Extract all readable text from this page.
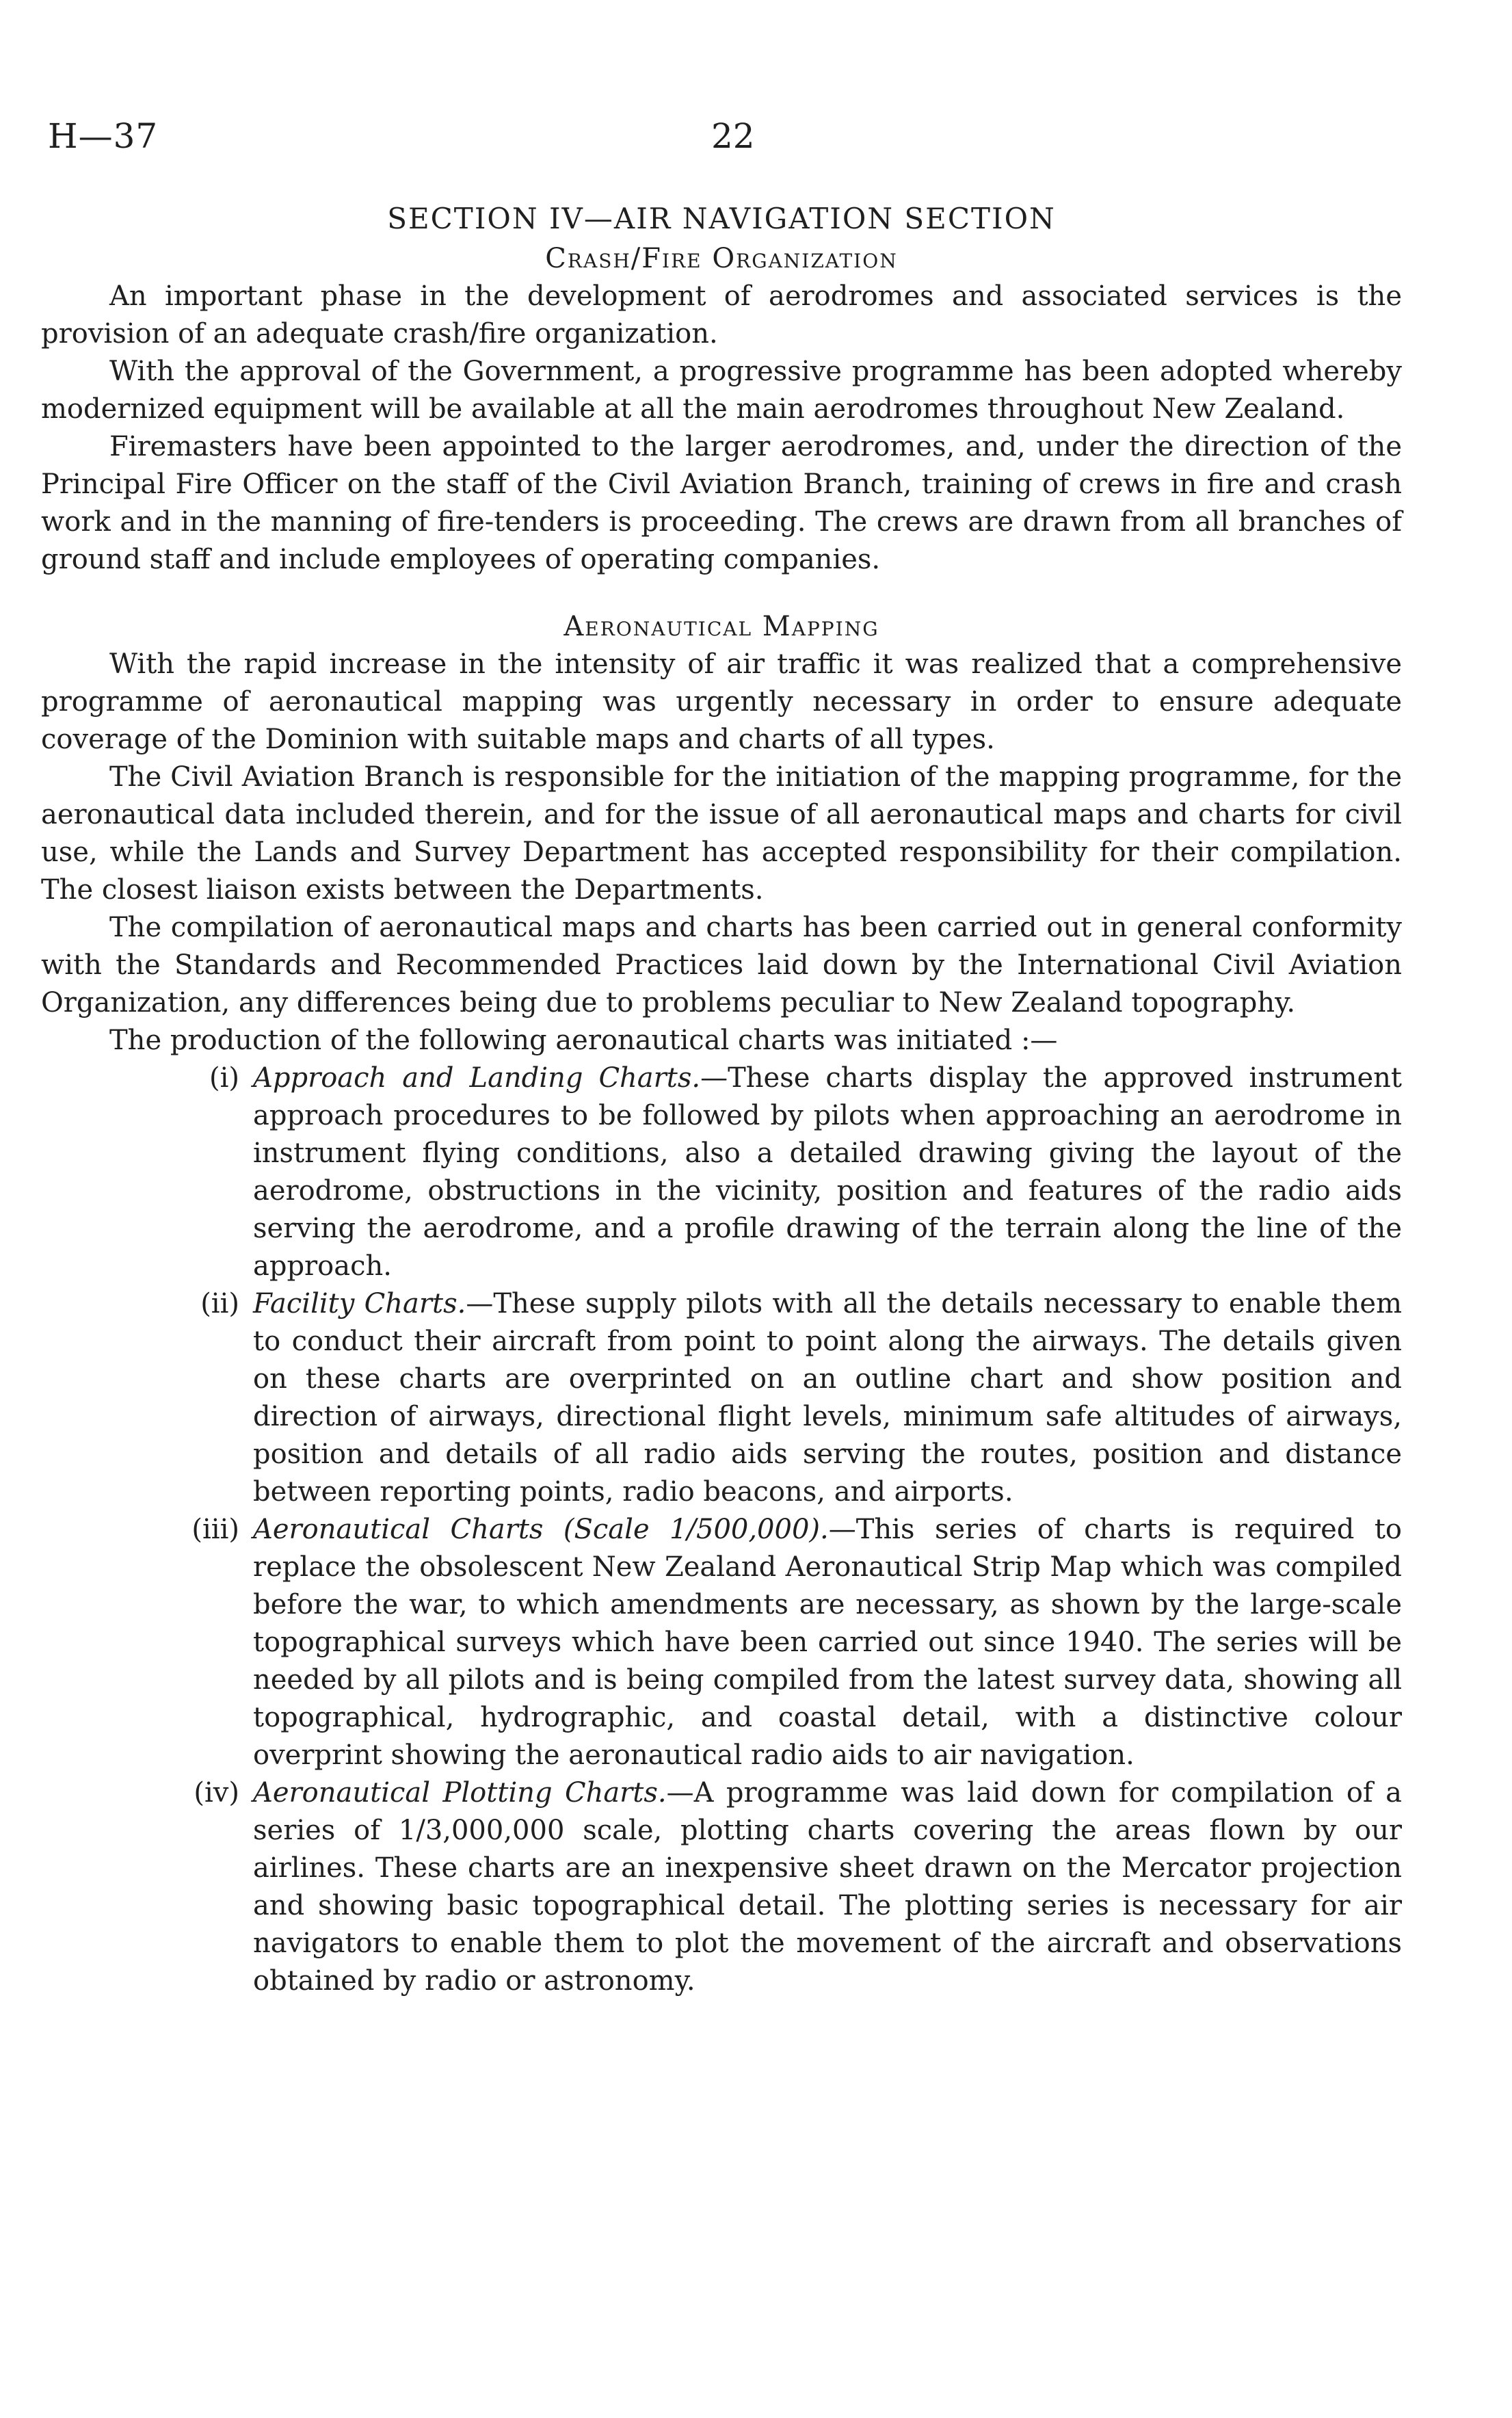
H—37	22
SECTION IV—AIR NAVIGATION SECTION
Crash/Fire Organization

An important phase in the development of aerodromes and associated services is the provision of an adequate crash/fire organization.

With the approval of the Government, a progressive programme has been adopted whereby modernized equipment will be available at all the main aerodromes throughout New Zealand.

Firemasters have been appointed to the larger aerodromes, and, under the direction of the Principal Fire Officer on the staff of the Civil Aviation Branch, training of crews in fire and crash work and in the manning of fire-tenders is proceeding. The crews are drawn from all branches of ground staff and include employees of operating companies.

Aeronautical Mapping

With the rapid increase in the intensity of air traffic it was realized that a comprehensive programme of aeronautical mapping was urgently necessary in order to ensure adequate coverage of the Dominion with suitable maps and charts of all types.

The Civil Aviation Branch is responsible for the initiation of the mapping programme, for the aeronautical data included therein, and for the issue of all aeronautical maps and charts for civil use, while the Lands and Survey Department has accepted responsibility for their compilation. The closest liaison exists between the Departments.

The compilation of aeronautical maps and charts has been carried out in general conformity with the Standards and Recommended Practices laid down by the International Civil Aviation Organization, any differences being due to problems peculiar to New Zealand topography.

The production of the following aeronautical charts was initiated :—

(i) Approach and Landing Charts.—These charts display the approved instrument approach procedures to be followed by pilots when approaching an aerodrome in instrument flying conditions, also a detailed drawing giving the layout of the aerodrome, obstructions in the vicinity, position and features of the radio aids serving the aerodrome, and a profile drawing of the terrain along the line of the approach.
(ii) Facility Charts.—These supply pilots with all the details necessary to enable them to conduct their aircraft from point to point along the airways. The details given on these charts are overprinted on an outline chart and show position and direction of airways, directional flight levels, minimum safe altitudes of airways, position and details of all radio aids serving the routes, position and distance between reporting points, radio beacons, and airports.
(iii) Aeronautical Charts (Scale 1/500,000).—This series of charts is required to replace the obsolescent New Zealand Aeronautical Strip Map which was compiled before the war, to which amendments are necessary, as shown by the large-scale topographical surveys which have been carried out since 1940. The series will be needed by all pilots and is being compiled from the latest survey data, showing all topographical, hydrographic, and coastal detail, with a distinctive colour overprint showing the aeronautical radio aids to air navigation.
(iv) Aeronautical Plotting Charts.—A programme was laid down for compilation of a series of 1/3,000,000 scale, plotting charts covering the areas flown by our airlines. These charts are an inexpensive sheet drawn on the Mercator projection and showing basic topographical detail. The plotting series is necessary for air navigators to enable them to plot the movement of the aircraft and observations obtained by radio or astronomy.
